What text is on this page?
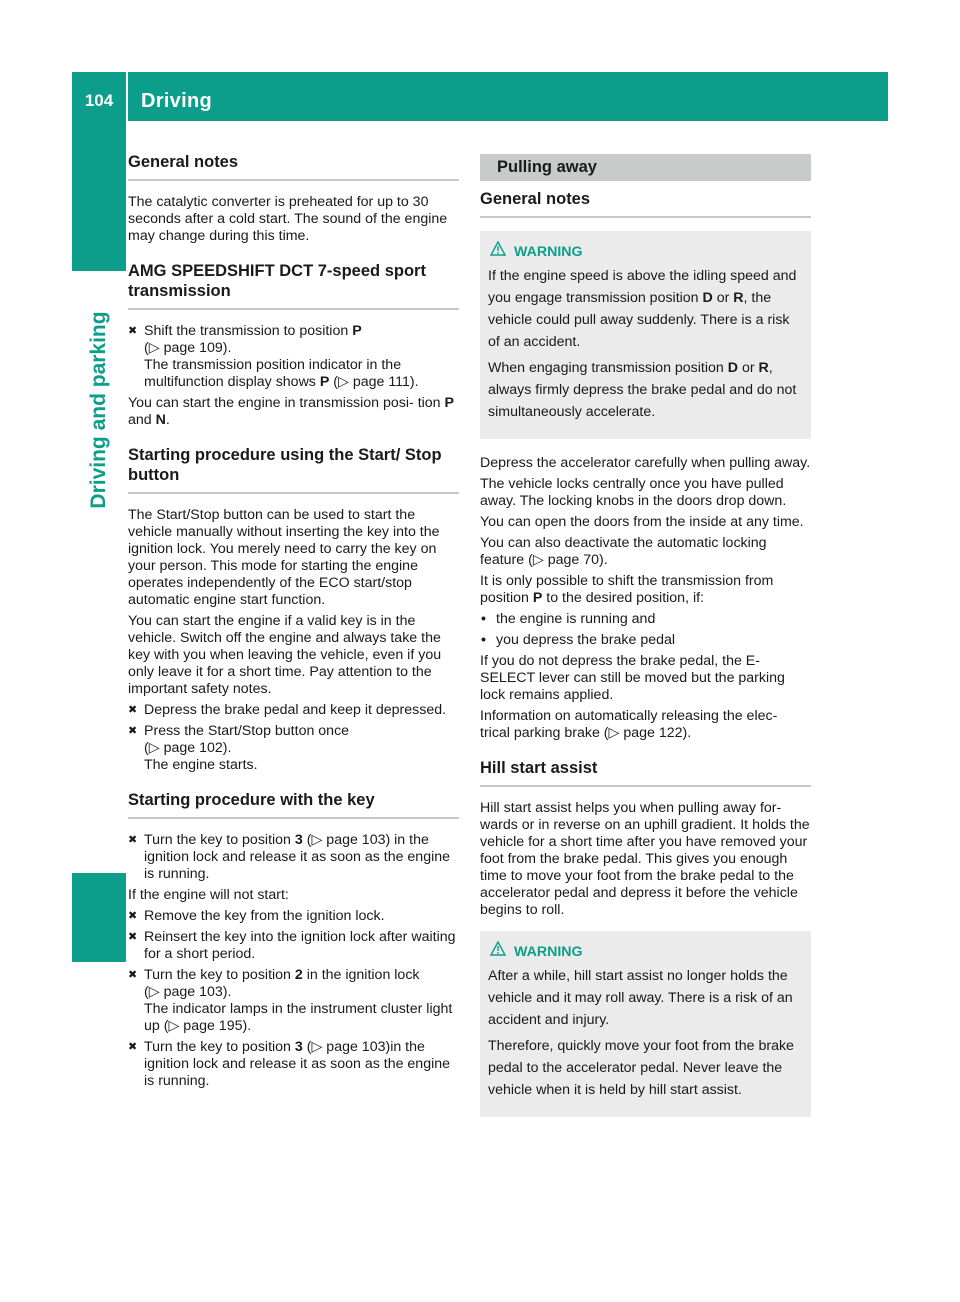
104	Driving
Driving and parking
General notes

The catalytic converter is preheated for up to 30 seconds after a cold start. The sound of the engine may change during this time.

AMG SPEEDSHIFT DCT 7-speed sport transmission
✖ Shift the transmission to position P
(▷ page 109).
The transmission position indicator in the multifunction display shows P (▷ page 111).

You can start the engine in transmission posi‐ tion P and N.

Starting procedure using the Start/ Stop button

The Start/Stop button can be used to start the vehicle manually without inserting the key into the ignition lock. You merely need to carry the key on your person. This mode for starting the engine operates independently of the ECO start/stop automatic engine start function.

You can start the engine if a valid key is in the vehicle. Switch off the engine and always take the key with you when leaving the vehicle, even if you only leave it for a short time. Pay attention to the important safety notes.

✖ Depress the brake pedal and keep it depressed.
✖ Press the Start/Stop button once
(▷ page 102).
The engine starts.
Starting procedure with the key
✖ Turn the key to position 3 (▷ page 103) in the ignition lock and release it as soon as the engine is running.

If the engine will not start:

✖ Remove the key from the ignition lock.
✖ Reinsert the key into the ignition lock after waiting for a short period.
✖ Turn the key to position 2 in the ignition lock
(▷ page 103).
The indicator lamps in the instrument cluster light up (▷ page 195).
✖ Turn the key to position 3 (▷ page 103)in the ignition lock and release it as soon as the engine is running.
Pulling away
General notes
WARNING

If the engine speed is above the idling speed and you engage transmission position D or R, the vehicle could pull away suddenly. There is a risk of an accident.

When engaging transmission position D or R, always firmly depress the brake pedal and do not simultaneously accelerate.

Depress the accelerator carefully when pulling away.

The vehicle locks centrally once you have pulled away. The locking knobs in the doors drop down.

You can open the doors from the inside at any time.

You can also deactivate the automatic locking feature (▷ page 70).

It is only possible to shift the transmission from position P to the desired position, if:

• the engine is running and
• you depress the brake pedal

If you do not depress the brake pedal, the E- SELECT lever can still be moved but the parking lock remains applied.

Information on automatically releasing the elec‐ trical parking brake (▷ page 122).

Hill start assist

Hill start assist helps you when pulling away for‐ wards or in reverse on an uphill gradient. It holds the vehicle for a short time after you have removed your foot from the brake pedal. This gives you enough time to move your foot from the brake pedal to the accelerator pedal and depress it before the vehicle begins to roll.

WARNING

After a while, hill start assist no longer holds the vehicle and it may roll away. There is a risk of an accident and injury.

Therefore, quickly move your foot from the brake pedal to the accelerator pedal. Never leave the vehicle when it is held by hill start assist.
